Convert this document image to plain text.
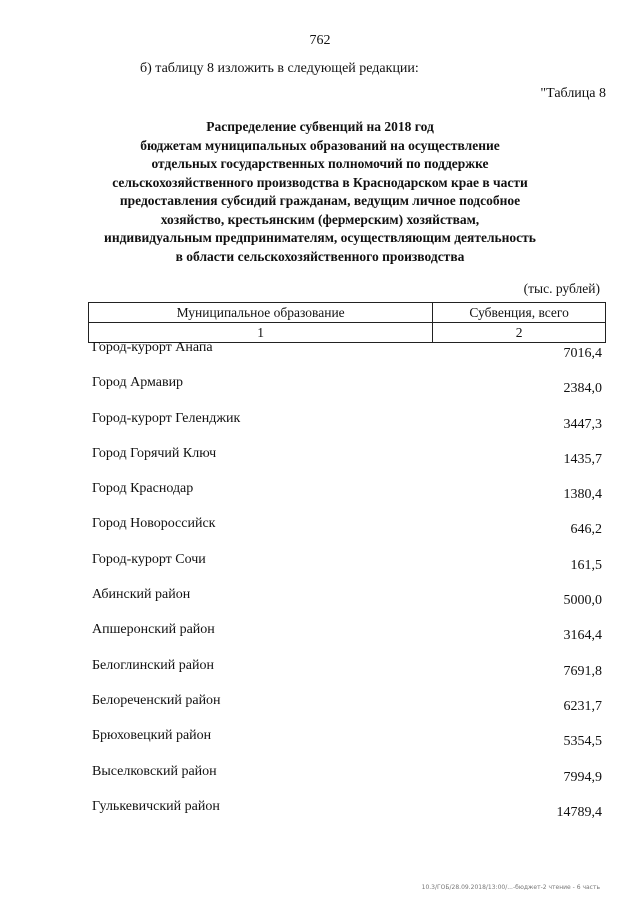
762
б) таблицу 8 изложить в следующей редакции:
"Таблица 8
Распределение субвенций на 2018 год
бюджетам муниципальных образований на осуществление
отдельных государственных полномочий по поддержке
сельскохозяйственного производства в Краснодарском крае в части
предоставления субсидий гражданам, ведущим личное подсобное
хозяйство, крестьянским (фермерским) хозяйствам,
индивидуальным предпринимателям, осуществляющим деятельность
в области сельскохозяйственного производства
(тыс. рублей)
Муниципальное образование	Субвенция, всего
1	2
Город-курорт Анапа	7016,4
Город Армавир	2384,0
Город-курорт Геленджик	3447,3
Город Горячий Ключ	1435,7
Город Краснодар	1380,4
Город Новороссийск	646,2
Город-курорт Сочи	161,5
Абинский район	5000,0
Апшеронский район	3164,4
Белоглинский район	7691,8
Белореченский район	6231,7
Брюховецкий район	5354,5
Выселковский район	7994,9
Гулькевичский район	14789,4
10.3/ГОБ/28.09.2018/13:00/...-бюджет-2 чтение - 6 часть
